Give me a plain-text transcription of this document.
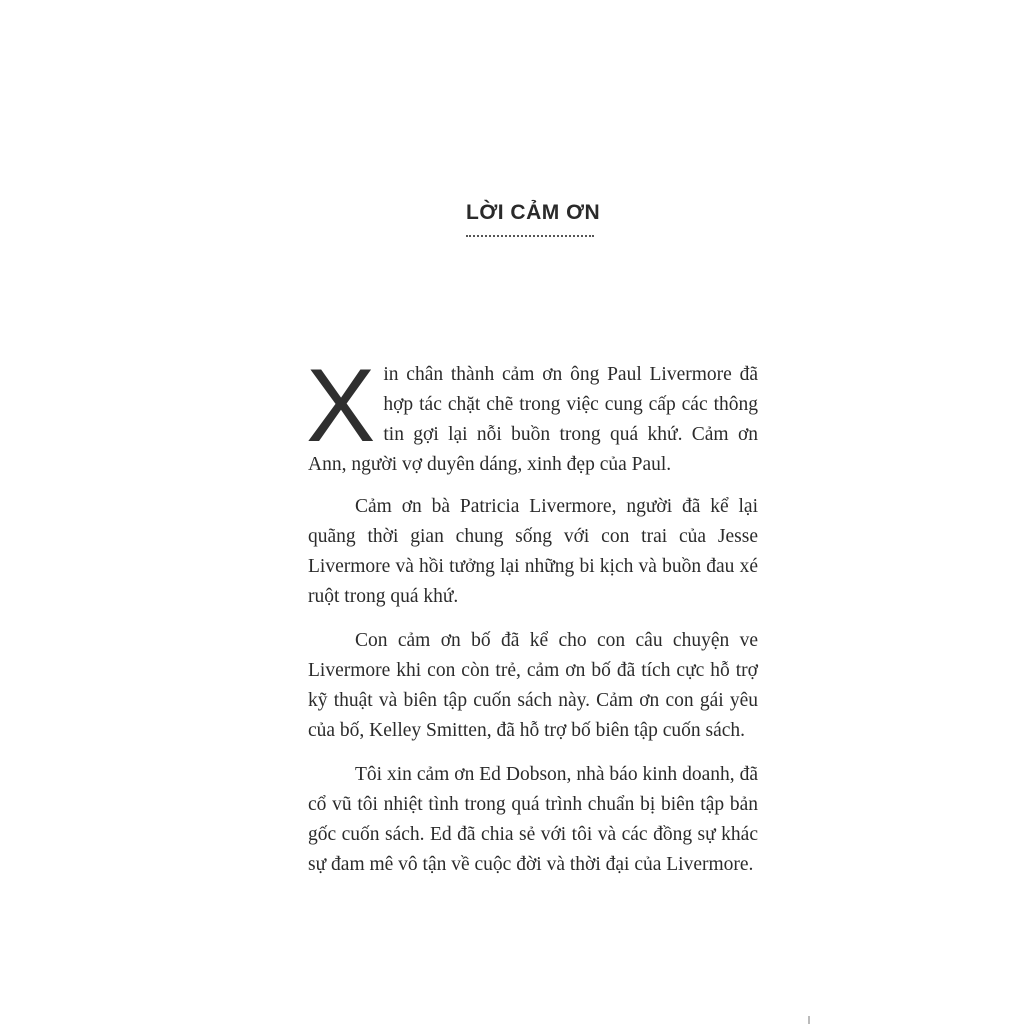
LỜI CẢM ƠN

Xin chân thành cảm ơn ông Paul Livermore đã hợp tác chặt chẽ trong việc cung cấp các thông tin gợi lại nỗi buồn trong quá khứ. Cảm ơn Ann, người vợ duyên dáng, xinh đẹp của Paul.

Cảm ơn bà Patricia Livermore, người đã kể lại quãng thời gian chung sống với con trai của Jesse Livermore và hồi tưởng lại những bi kịch và buồn đau xé ruột trong quá khứ.

Con cảm ơn bố đã kể cho con câu chuyện ve Livermore khi con còn trẻ, cảm ơn bố đã tích cực hỗ trợ kỹ thuật và biên tập cuốn sách này. Cảm ơn con gái yêu của bố, Kelley Smitten, đã hỗ trợ bố biên tập cuốn sách.

Tôi xin cảm ơn Ed Dobson, nhà báo kinh doanh, đã cổ vũ tôi nhiệt tình trong quá trình chuẩn bị biên tập bản gốc cuốn sách. Ed đã chia sẻ với tôi và các đồng sự khác sự đam mê vô tận về cuộc đời và thời đại của Livermore.
